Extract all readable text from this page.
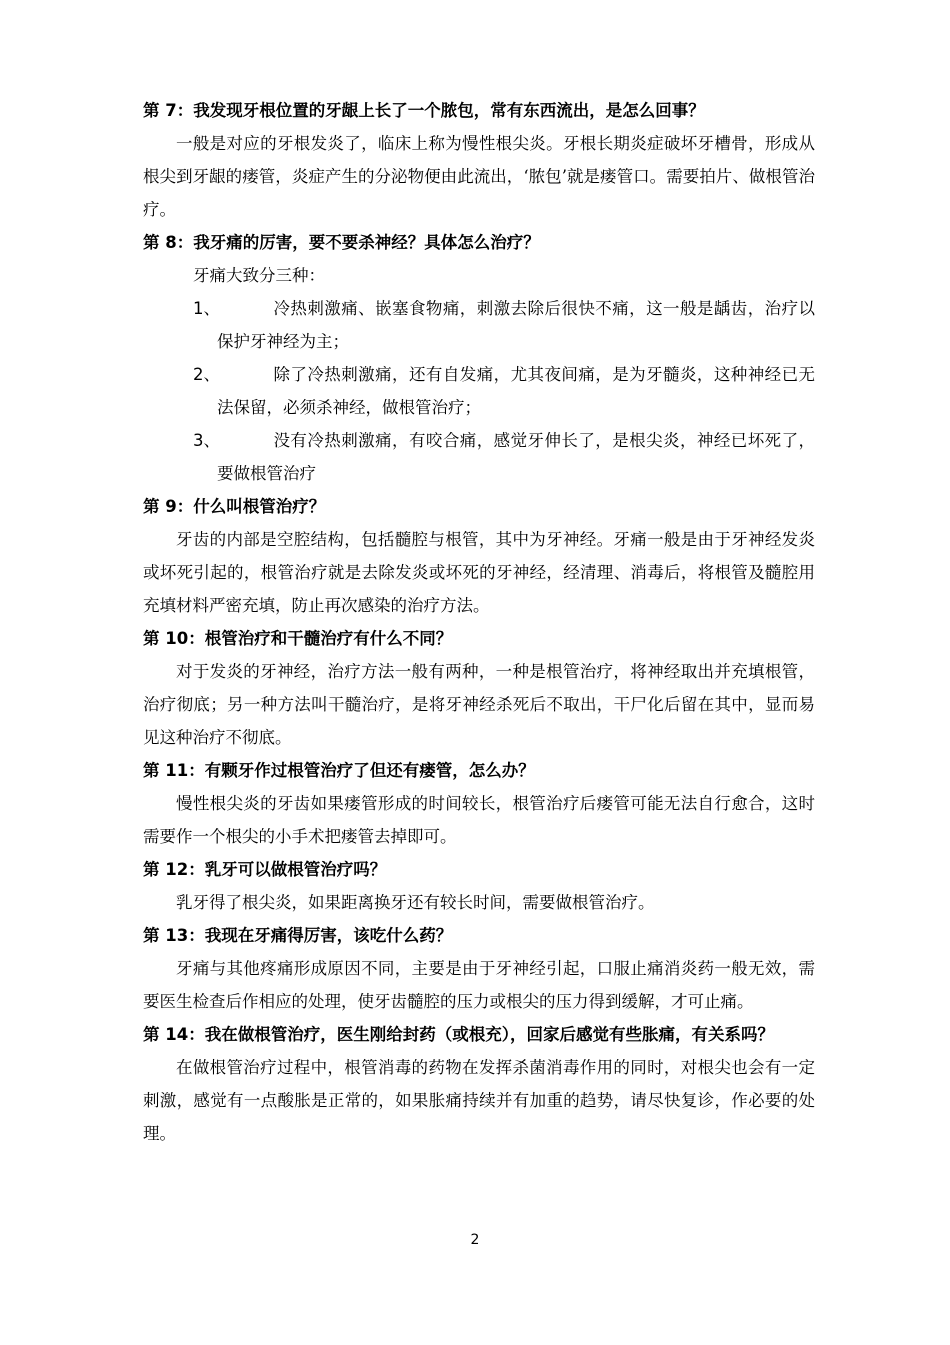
第 7：我发现牙根位置的牙龈上长了一个脓包，常有东西流出，是怎么回事？

一般是对应的牙根发炎了，临床上称为慢性根尖炎。牙根长期炎症破坏牙槽骨，形成从根尖到牙龈的瘘管，炎症产生的分泌物便由此流出，‘脓包’就是瘘管口。需要拍片、做根管治疗。

第 8：我牙痛的厉害，要不要杀神经？具体怎么治疗？

牙痛大致分三种：

1、	冷热刺激痛、嵌塞食物痛，刺激去除后很快不痛，这一般是龋齿，治疗以保护牙神经为主；
2、	除了冷热刺激痛，还有自发痛，尤其夜间痛，是为牙髓炎，这种神经已无法保留，必须杀神经，做根管治疗；
3、	没有冷热刺激痛，有咬合痛，感觉牙伸长了，是根尖炎，神经已坏死了，要做根管治疗

第 9：什么叫根管治疗？

牙齿的内部是空腔结构，包括髓腔与根管，其中为牙神经。牙痛一般是由于牙神经发炎或坏死引起的，根管治疗就是去除发炎或坏死的牙神经，经清理、消毒后，将根管及髓腔用充填材料严密充填，防止再次感染的治疗方法。

第 10：根管治疗和干髓治疗有什么不同？

对于发炎的牙神经，治疗方法一般有两种，一种是根管治疗，将神经取出并充填根管，治疗彻底；另一种方法叫干髓治疗，是将牙神经杀死后不取出，干尸化后留在其中，显而易见这种治疗不彻底。

第 11：有颗牙作过根管治疗了但还有瘘管，怎么办？

慢性根尖炎的牙齿如果瘘管形成的时间较长，根管治疗后瘘管可能无法自行愈合，这时需要作一个根尖的小手术把瘘管去掉即可。

第 12：乳牙可以做根管治疗吗？

乳牙得了根尖炎，如果距离换牙还有较长时间，需要做根管治疗。

第 13：我现在牙痛得厉害，该吃什么药？

牙痛与其他疼痛形成原因不同，主要是由于牙神经引起，口服止痛消炎药一般无效，需要医生检查后作相应的处理，使牙齿髓腔的压力或根尖的压力得到缓解，才可止痛。

第 14：我在做根管治疗，医生刚给封药（或根充），回家后感觉有些胀痛，有关系吗？

在做根管治疗过程中，根管消毒的药物在发挥杀菌消毒作用的同时，对根尖也会有一定刺激，感觉有一点酸胀是正常的，如果胀痛持续并有加重的趋势，请尽快复诊，作必要的处理。

2
